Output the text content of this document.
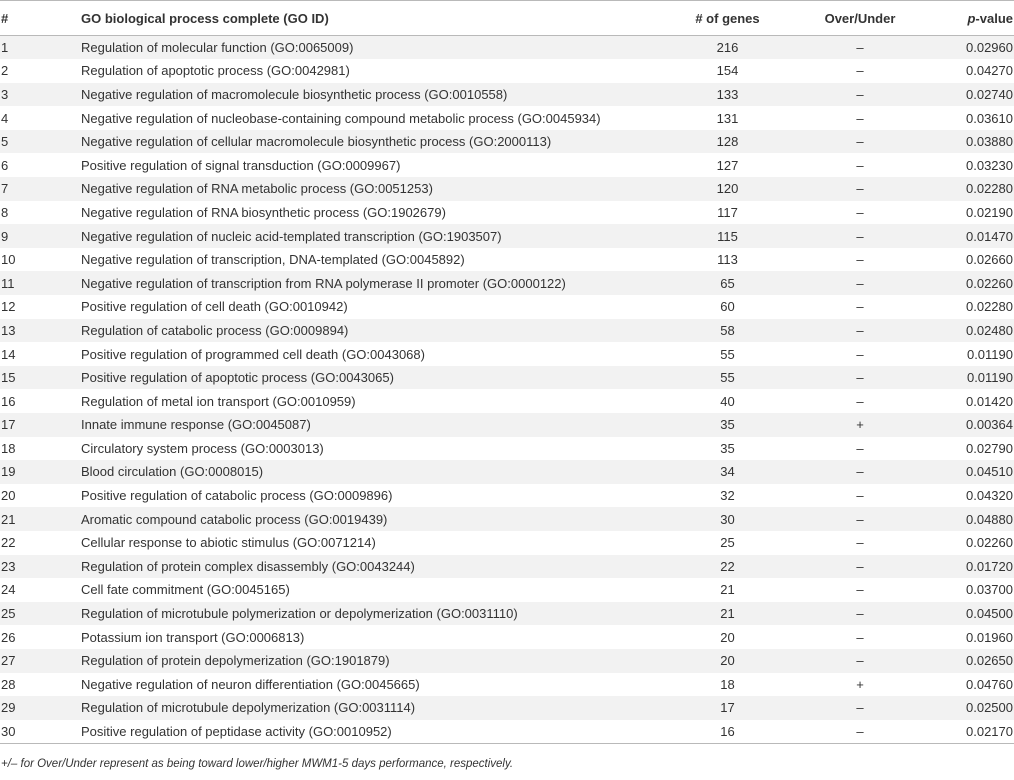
#	GO biological process complete (GO ID)	# of genes	Over/Under	p-value
1	Regulation of molecular function (GO:0065009)	216	–	0.02960
2	Regulation of apoptotic process (GO:0042981)	154	–	0.04270
3	Negative regulation of macromolecule biosynthetic process (GO:0010558)	133	–	0.02740
4	Negative regulation of nucleobase-containing compound metabolic process (GO:0045934)	131	–	0.03610
5	Negative regulation of cellular macromolecule biosynthetic process (GO:2000113)	128	–	0.03880
6	Positive regulation of signal transduction (GO:0009967)	127	–	0.03230
7	Negative regulation of RNA metabolic process (GO:0051253)	120	–	0.02280
8	Negative regulation of RNA biosynthetic process (GO:1902679)	117	–	0.02190
9	Negative regulation of nucleic acid-templated transcription (GO:1903507)	115	–	0.01470
10	Negative regulation of transcription, DNA-templated (GO:0045892)	113	–	0.02660
11	Negative regulation of transcription from RNA polymerase II promoter (GO:0000122)	65	–	0.02260
12	Positive regulation of cell death (GO:0010942)	60	–	0.02280
13	Regulation of catabolic process (GO:0009894)	58	–	0.02480
14	Positive regulation of programmed cell death (GO:0043068)	55	–	0.01190
15	Positive regulation of apoptotic process (GO:0043065)	55	–	0.01190
16	Regulation of metal ion transport (GO:0010959)	40	–	0.01420
17	Innate immune response (GO:0045087)	35	+	0.00364
18	Circulatory system process (GO:0003013)	35	–	0.02790
19	Blood circulation (GO:0008015)	34	–	0.04510
20	Positive regulation of catabolic process (GO:0009896)	32	–	0.04320
21	Aromatic compound catabolic process (GO:0019439)	30	–	0.04880
22	Cellular response to abiotic stimulus (GO:0071214)	25	–	0.02260
23	Regulation of protein complex disassembly (GO:0043244)	22	–	0.01720
24	Cell fate commitment (GO:0045165)	21	–	0.03700
25	Regulation of microtubule polymerization or depolymerization (GO:0031110)	21	–	0.04500
26	Potassium ion transport (GO:0006813)	20	–	0.01960
27	Regulation of protein depolymerization (GO:1901879)	20	–	0.02650
28	Negative regulation of neuron differentiation (GO:0045665)	18	+	0.04760
29	Regulation of microtubule depolymerization (GO:0031114)	17	–	0.02500
30	Positive regulation of peptidase activity (GO:0010952)	16	–	0.02170
+/– for Over/Under represent as being toward lower/higher MWM1-5 days performance, respectively.
